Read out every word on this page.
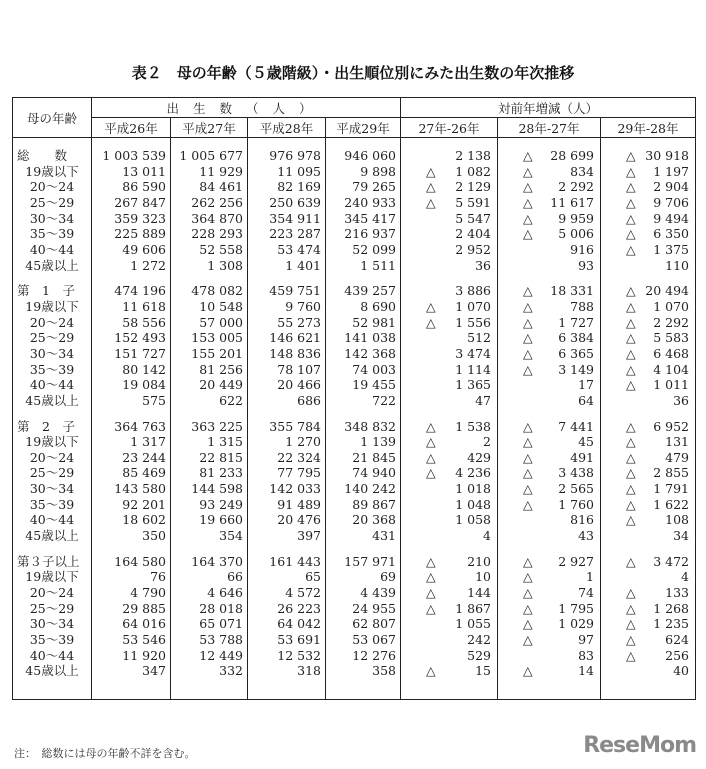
表２　母の年齢（５歳階級）・出生順位別にみた出生数の年次推移
母の年齢	出生数（人）				対前年増減（人）		
	平成26年	平成27年	平成28年	平成29年	27年-26年	28年-27年	29年-28年

総　　数	1 003 539	1 005 677	976 978	946 060	2 138	△ 28 699	△ 30 918
19歳以下	13 011	11 929	11 095	9 898	△ 1 082	△ 834	△ 1 197
20～24	86 590	84 461	82 169	79 265	△ 2 129	△ 2 292	△ 2 904
25～29	267 847	262 256	250 639	240 933	△ 5 591	△ 11 617	△ 9 706
30～34	359 323	364 870	354 911	345 417	5 547	△ 9 959	△ 9 494
35～39	225 889	228 293	223 287	216 937	2 404	△ 5 006	△ 6 350
40～44	49 606	52 558	53 474	52 099	2 952	916	△ 1 375
45歳以上	1 272	1 308	1 401	1 511	36	93	110

第　1　子	474 196	478 082	459 751	439 257	3 886	△ 18 331	△ 20 494
19歳以下	11 618	10 548	9 760	8 690	△ 1 070	△ 788	△ 1 070
20～24	58 556	57 000	55 273	52 981	△ 1 556	△ 1 727	△ 2 292
25～29	152 493	153 005	146 621	141 038	512	△ 6 384	△ 5 583
30～34	151 727	155 201	148 836	142 368	3 474	△ 6 365	△ 6 468
35～39	80 142	81 256	78 107	74 003	1 114	△ 3 149	△ 4 104
40～44	19 084	20 449	20 466	19 455	1 365	17	△ 1 011
45歳以上	575	622	686	722	47	64	36

第　2　子	364 763	363 225	355 784	348 832	△ 1 538	△ 7 441	△ 6 952
19歳以下	1 317	1 315	1 270	1 139	△ 2	△ 45	△ 131
20～24	23 244	22 815	22 324	21 845	△ 429	△ 491	△ 479
25～29	85 469	81 233	77 795	74 940	△ 4 236	△ 3 438	△ 2 855
30～34	143 580	144 598	142 033	140 242	1 018	△ 2 565	△ 1 791
35～39	92 201	93 249	91 489	89 867	1 048	△ 1 760	△ 1 622
40～44	18 602	19 660	20 476	20 368	1 058	816	△ 108
45歳以上	350	354	397	431	4	43	34

第３子以上	164 580	164 370	161 443	157 971	△ 210	△ 2 927	△ 3 472
19歳以下	76	66	65	69	△ 10	△ 1	4
20～24	4 790	4 646	4 572	4 439	△ 144	△ 74	△ 133
25～29	29 885	28 018	26 223	24 955	△ 1 867	△ 1 795	△ 1 268
30～34	64 016	65 071	64 042	62 807	1 055	△ 1 029	△ 1 235
35～39	53 546	53 788	53 691	53 067	242	△ 97	△ 624
40～44	11 920	12 449	12 532	12 276	529	83	△ 256
45歳以上	347	332	318	358	△ 15	△ 14	40

注：　総数には母の年齢不詳を含む。	ReseMom
